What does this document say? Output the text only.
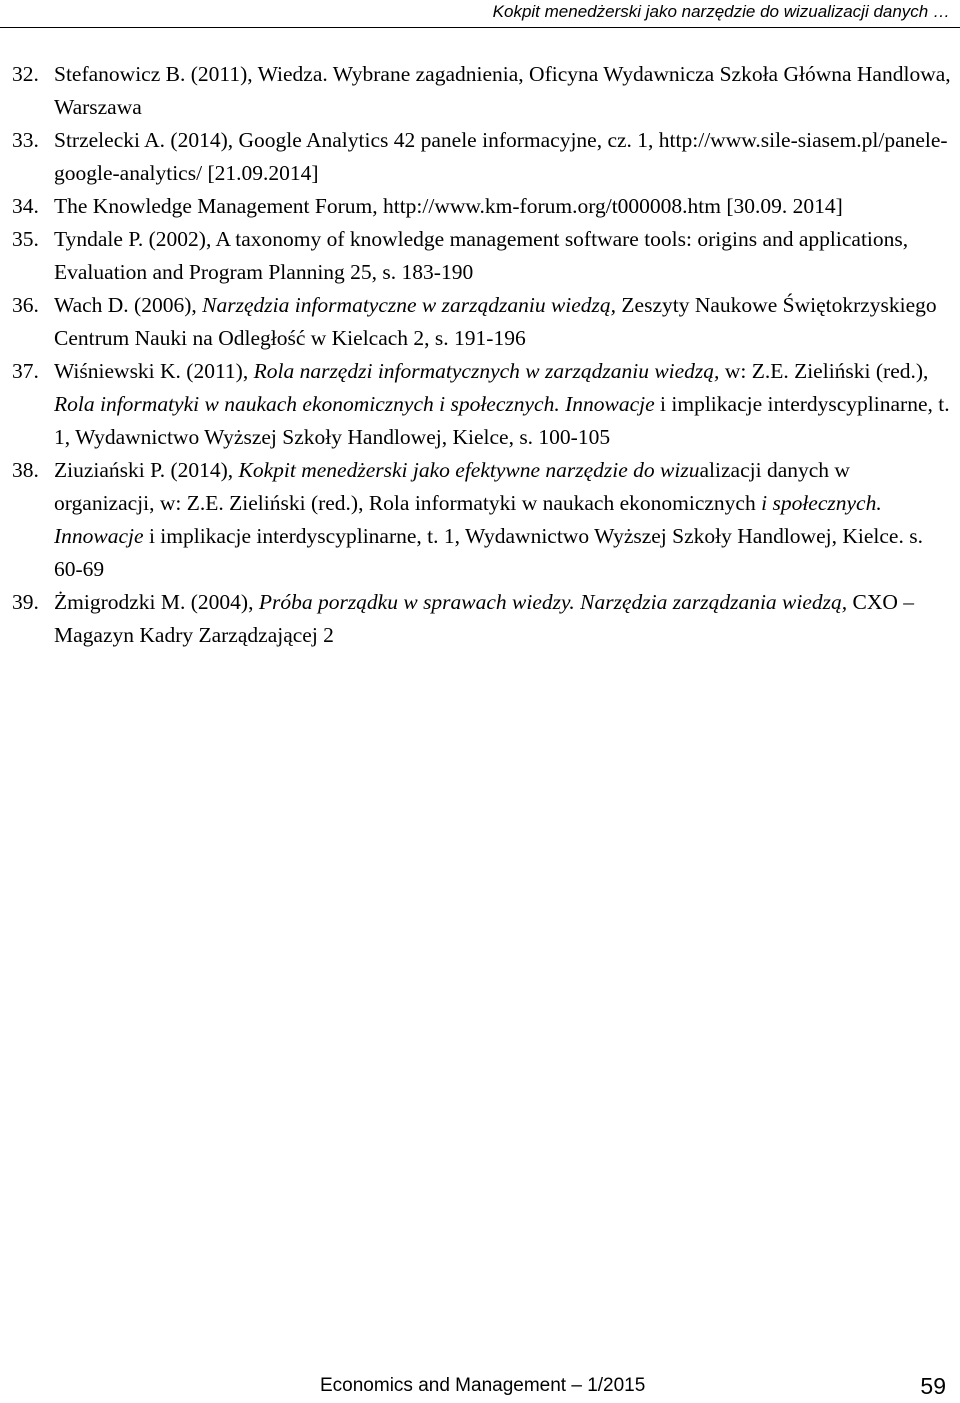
Kokpit menedżerski jako narzędzie do wizualizacji danych …
32. Stefanowicz B. (2011), Wiedza. Wybrane zagadnienia, Oficyna Wydawnicza Szkoła Główna Handlowa, Warszawa
33. Strzelecki A. (2014), Google Analytics 42 panele informacyjne, cz. 1, http://www.sile-siasem.pl/panele-google-analytics/ [21.09.2014]
34. The Knowledge Management Forum, http://www.km-forum.org/t000008.htm [30.09. 2014]
35. Tyndale P. (2002), A taxonomy of knowledge management software tools: origins and applications, Evaluation and Program Planning 25, s. 183-190
36. Wach D. (2006), Narzędzia informatyczne w zarządzaniu wiedzą, Zeszyty Naukowe Świętokrzyskiego Centrum Nauki na Odległość w Kielcach 2, s. 191-196
37. Wiśniewski K. (2011), Rola narzędzi informatycznych w zarządzaniu wiedzą, w: Z.E. Zieliński (red.), Rola informatyki w naukach ekonomicznych i społecznych. Innowacje i implikacje interdyscyplinarne, t. 1, Wydawnictwo Wyższej Szkoły Handlowej, Kielce, s. 100-105
38. Ziuziański P. (2014), Kokpit menedżerski jako efektywne narzędzie do wizualizacji danych w organizacji, w: Z.E. Zieliński (red.), Rola informatyki w naukach ekonomicznych i społecznych. Innowacje i implikacje interdyscyplinarne, t. 1, Wydawnictwo Wyższej Szkoły Handlowej, Kielce. s. 60-69
39. Żmigrodzki M. (2004), Próba porządku w sprawach wiedzy. Narzędzia zarządzania wiedzą, CXO – Magazyn Kadry Zarządzającej 2
Economics and Management – 1/2015	59
